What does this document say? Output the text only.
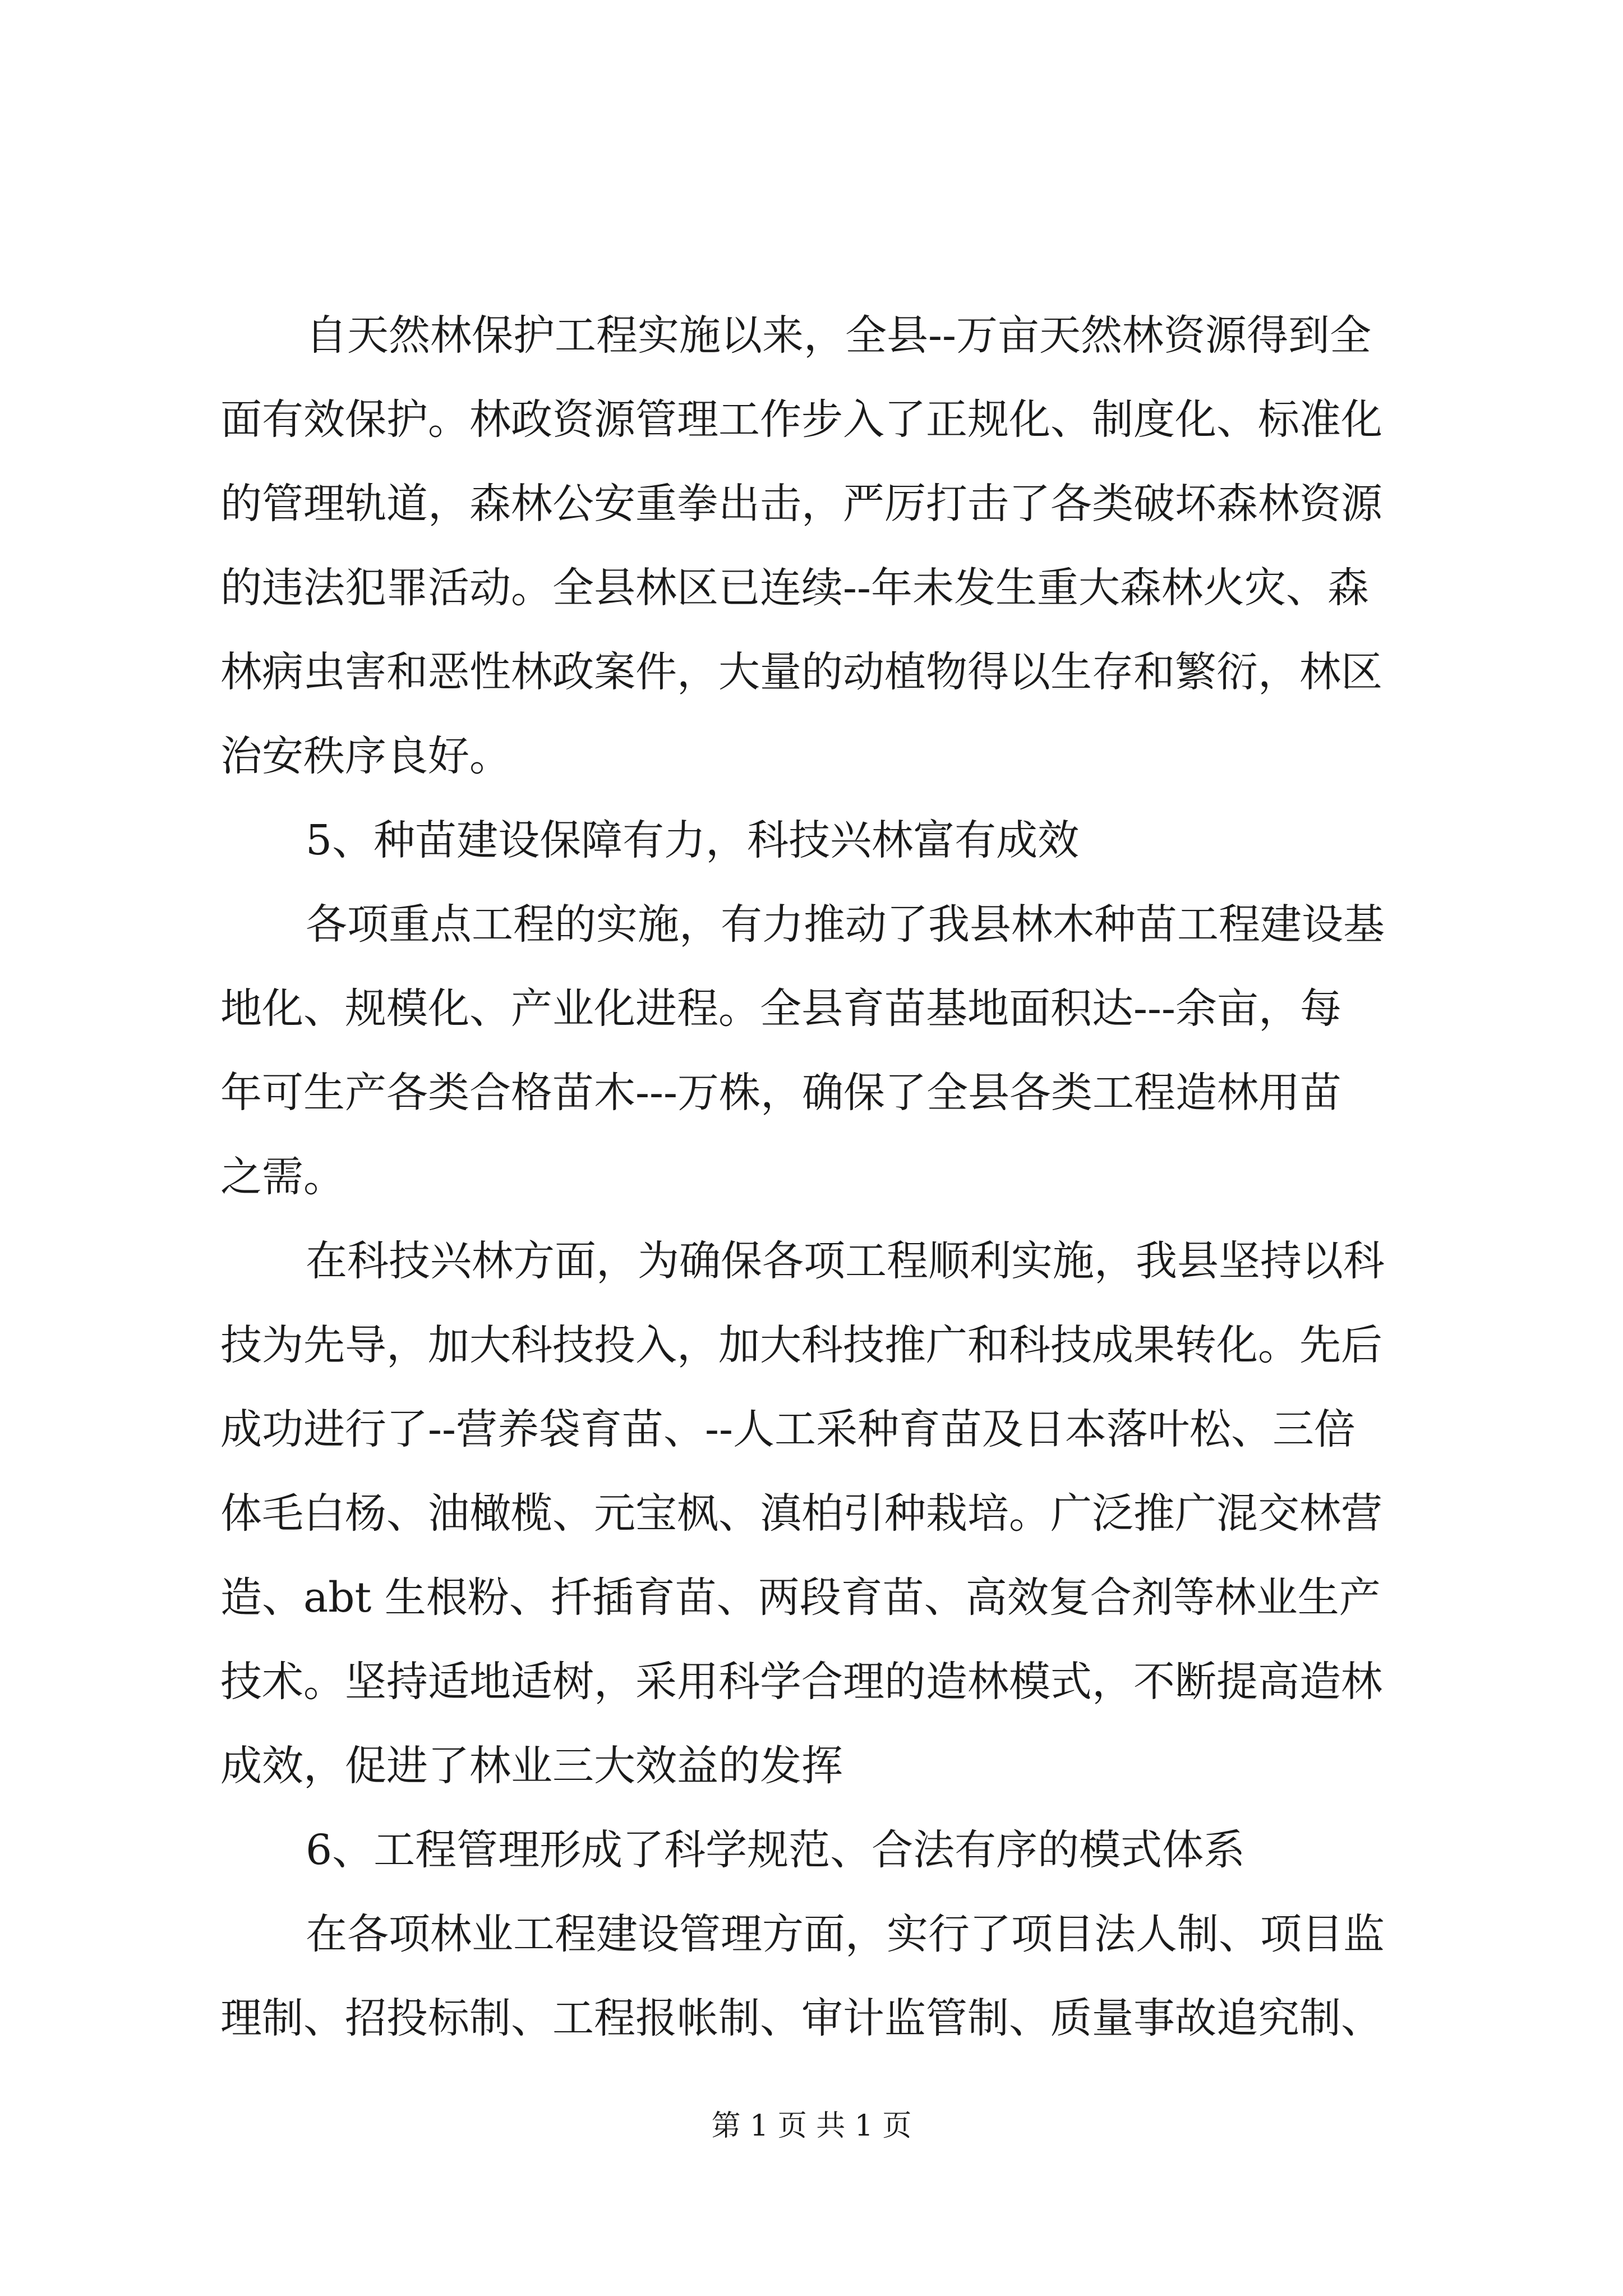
自天然林保护工程实施以来，全县--万亩天然林资源得到全
面有效保护。林政资源管理工作步入了正规化、制度化、标准化
的管理轨道，森林公安重拳出击，严厉打击了各类破坏森林资源
的违法犯罪活动。全县林区已连续--年未发生重大森林火灾、森
林病虫害和恶性林政案件，大量的动植物得以生存和繁衍，林区
治安秩序良好。
5、种苗建设保障有力，科技兴林富有成效
各项重点工程的实施，有力推动了我县林木种苗工程建设基
地化、规模化、产业化进程。全县育苗基地面积达---余亩，每
年可生产各类合格苗木---万株，确保了全县各类工程造林用苗
之需。
在科技兴林方面，为确保各项工程顺利实施，我县坚持以科
技为先导，加大科技投入，加大科技推广和科技成果转化。先后
成功进行了--营养袋育苗、--人工采种育苗及日本落叶松、三倍
体毛白杨、油橄榄、元宝枫、滇柏引种栽培。广泛推广混交林营
造、abt 生根粉、扦插育苗、两段育苗、高效复合剂等林业生产
技术。坚持适地适树，采用科学合理的造林模式，不断提高造林
成效，促进了林业三大效益的发挥
6、工程管理形成了科学规范、合法有序的模式体系
在各项林业工程建设管理方面，实行了项目法人制、项目监
理制、招投标制、工程报帐制、审计监管制、质量事故追究制、
第 1 页 共 1 页
